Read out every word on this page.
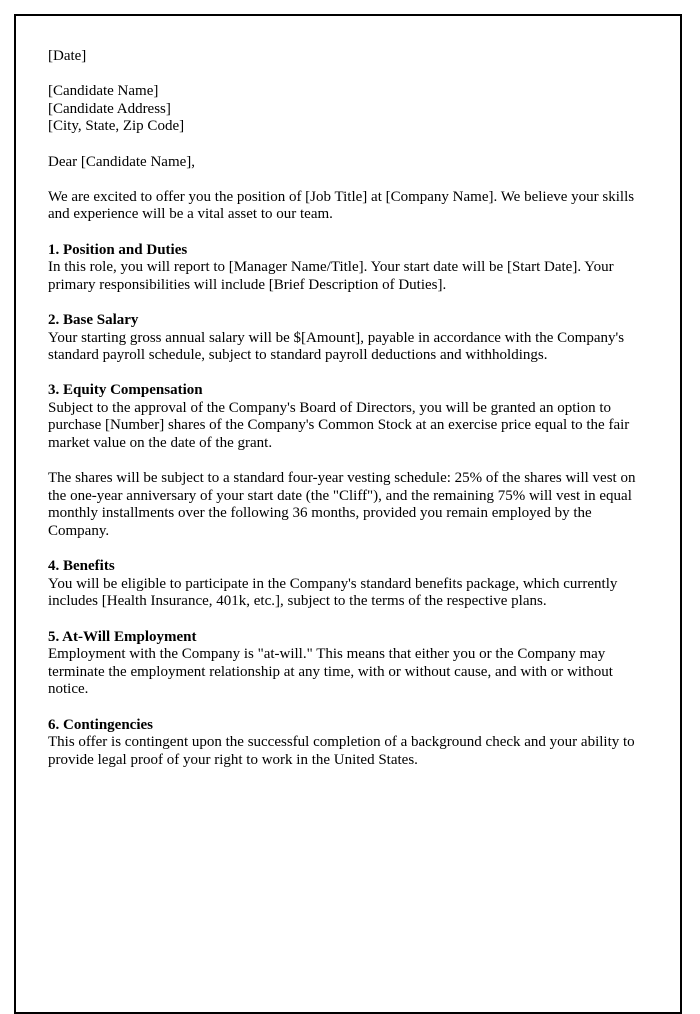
[Date]

[Candidate Name]

[Candidate Address]

[City, State, Zip Code]

Dear [Candidate Name],

We are excited to offer you the position of [Job Title] at [Company Name]. We believe your skills and experience will be a vital asset to our team.

1. Position and Duties

In this role, you will report to [Manager Name/Title]. Your start date will be [Start Date]. Your primary responsibilities will include [Brief Description of Duties].

2. Base Salary

Your starting gross annual salary will be $[Amount], payable in accordance with the Company's standard payroll schedule, subject to standard payroll deductions and withholdings.

3. Equity Compensation

Subject to the approval of the Company's Board of Directors, you will be granted an option to purchase [Number] shares of the Company's Common Stock at an exercise price equal to the fair market value on the date of the grant.

The shares will be subject to a standard four-year vesting schedule: 25% of the shares will vest on the one-year anniversary of your start date (the "Cliff"), and the remaining 75% will vest in equal monthly installments over the following 36 months, provided you remain employed by the Company.

4. Benefits

You will be eligible to participate in the Company's standard benefits package, which currently includes [Health Insurance, 401k, etc.], subject to the terms of the respective plans.

5. At-Will Employment

Employment with the Company is "at-will." This means that either you or the Company may terminate the employment relationship at any time, with or without cause, and with or without notice.

6. Contingencies

This offer is contingent upon the successful completion of a background check and your ability to provide legal proof of your right to work in the United States.
